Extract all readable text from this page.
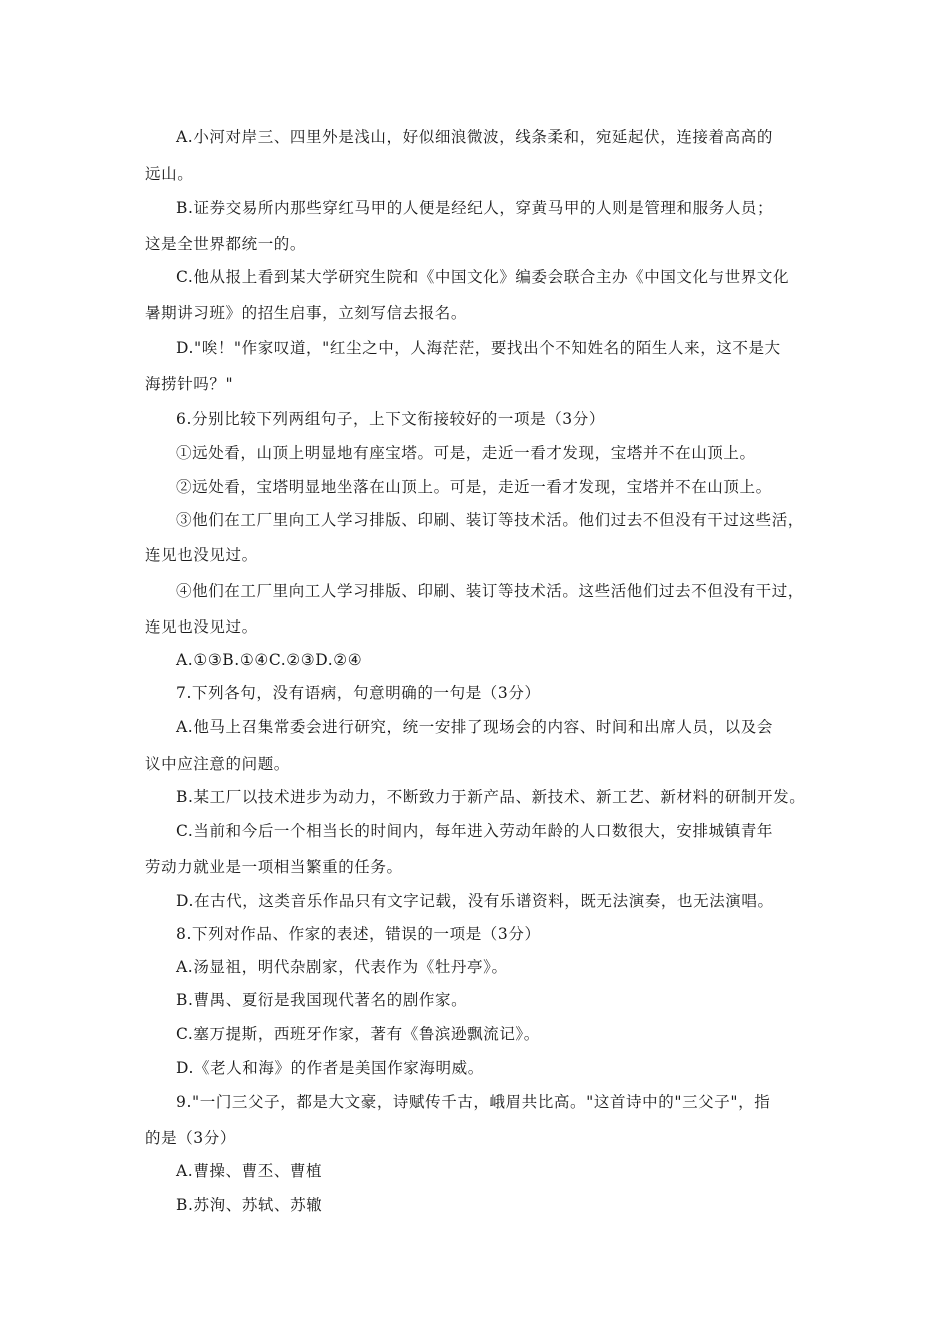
A.小河对岸三、四里外是浅山，好似细浪微波，线条柔和，宛延起伏，连接着高高的
远山。
B.证券交易所内那些穿红马甲的人便是经纪人，穿黄马甲的人则是管理和服务人员；
这是全世界都统一的。
C.他从报上看到某大学研究生院和《中国文化》编委会联合主办《中国文化与世界文化
暑期讲习班》的招生启事，立刻写信去报名。
D."唉！"作家叹道，"红尘之中，人海茫茫，要找出个不知姓名的陌生人来，这不是大
海捞针吗？"
6.分别比较下列两组句子，上下文衔接较好的一项是（3分）
①远处看，山顶上明显地有座宝塔。可是，走近一看才发现，宝塔并不在山顶上。
②远处看，宝塔明显地坐落在山顶上。可是，走近一看才发现，宝塔并不在山顶上。
③他们在工厂里向工人学习排版、印刷、装订等技术活。他们过去不但没有干过这些活，
连见也没见过。
④他们在工厂里向工人学习排版、印刷、装订等技术活。这些活他们过去不但没有干过，
连见也没见过。
A.①③B.①④C.②③D.②④
7.下列各句，没有语病，句意明确的一句是（3分）
A.他马上召集常委会进行研究，统一安排了现场会的内容、时间和出席人员，以及会
议中应注意的问题。
B.某工厂以技术进步为动力，不断致力于新产品、新技术、新工艺、新材料的研制开发。
C.当前和今后一个相当长的时间内，每年进入劳动年龄的人口数很大，安排城镇青年
劳动力就业是一项相当繁重的任务。
D.在古代，这类音乐作品只有文字记载，没有乐谱资料，既无法演奏，也无法演唱。
8.下列对作品、作家的表述，错误的一项是（3分）
A.汤显祖，明代杂剧家，代表作为《牡丹亭》。
B.曹禺、夏衍是我国现代著名的剧作家。
C.塞万提斯，西班牙作家，著有《鲁滨逊飘流记》。
D.《老人和海》的作者是美国作家海明威。
9."一门三父子，都是大文豪，诗赋传千古，峨眉共比高。"这首诗中的"三父子"，指
的是（3分）
A.曹操、曹丕、曹植
B.苏洵、苏轼、苏辙
